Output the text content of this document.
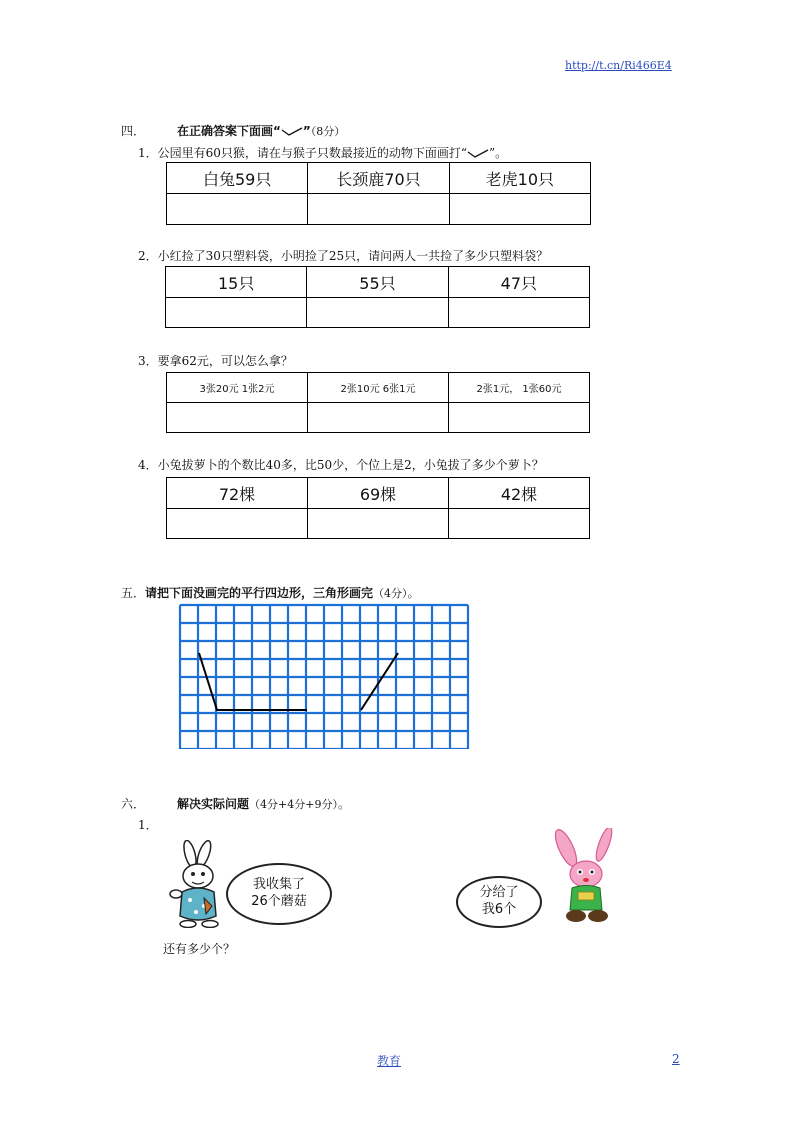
http://t.cn/Ri466E4
四．	在正确答案下面画“ ”（8分）
1．公园里有60只猴，请在与猴子只数最接近的动物下面画打“ ”。
白兔59只	长颈鹿70只	老虎10只

2．小红捡了30只塑料袋，小明捡了25只，请问两人一共捡了多少只塑料袋？
15只	55只	47只

3．要拿62元，可以怎么拿？
3张20元 1张2元	2张10元 6张1元	2张1元， 1张60元

4．小兔拔萝卜的个数比40多，比50少，个位上是2，小兔拔了多少个萝卜？
72棵	69棵	42棵

五．请把下面没画完的平行四边形，三角形画完（4分）。
六．	解决实际问题（4分+4分+9分）。
1．
我收集了
26个蘑菇
分给了
我6个
还有多少个？
教育	2
